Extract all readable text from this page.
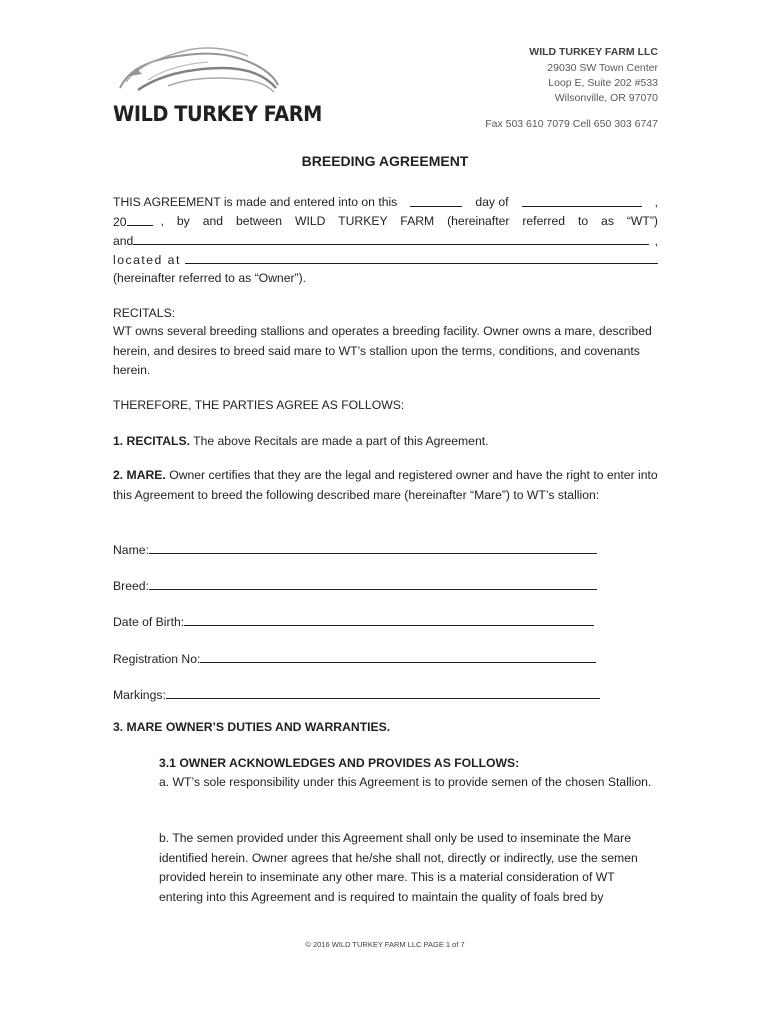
WILD TURKEY FARM
WILD TURKEY FARM LLC
29030 SW Town Center
Loop E, Suite 202 #533
Wilsonville, OR 97070
Fax 503 610 7079 Cell 650 303 6747
BREEDING AGREEMENT
THIS AGREEMENT is made and entered into on this	day of	,
20	, by and between WILD TURKEY FARM (hereinafter referred to as “WT”)
and	,
located at
(hereinafter referred to as “Owner”).
RECITALS:
WT owns several breeding stallions and operates a breeding facility. Owner owns a mare, described herein, and desires to breed said mare to WT’s stallion upon the terms, conditions, and covenants herein.
THEREFORE, THE PARTIES AGREE AS FOLLOWS:
1. RECITALS. The above Recitals are made a part of this Agreement.
2. MARE. Owner certifies that they are the legal and registered owner and have the right to enter into this Agreement to breed the following described mare (hereinafter “Mare”) to WT’s stallion:
Name:
Breed:
Date of Birth:
Registration No:
Markings:
3. MARE OWNER’S DUTIES AND WARRANTIES.
3.1 OWNER ACKNOWLEDGES AND PROVIDES AS FOLLOWS:
a. WT’s sole responsibility under this Agreement is to provide semen of the chosen Stallion.
b. The semen provided under this Agreement shall only be used to inseminate the Mare identified herein. Owner agrees that he/she shall not, directly or indirectly, use the semen provided herein to inseminate any other mare. This is a material consideration of WT entering into this Agreement and is required to maintain the quality of foals bred by
© 2016 WILD TURKEY FARM LLC PAGE 1 of 7
